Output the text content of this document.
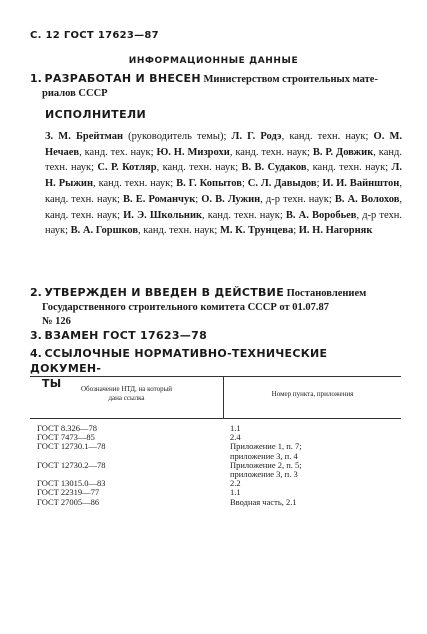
С. 12 ГОСТ 17623—87
ИНФОРМАЦИОННЫЕ ДАННЫЕ
1. РАЗРАБОТАН И ВНЕСЕН Министерством строительных мате-
риалов СССР
ИСПОЛНИТЕЛИ
З. М. Брейтман (руководитель темы); Л. Г. Родэ, канд. техн. наук; О. М. Нечаев, канд. тех. наук; Ю. Н. Мизрохи, канд. техн. наук; В. Р. Довжик, канд. техн. наук; С. Р. Котляр, канд. техн. наук; В. В. Судаков, канд. техн. наук; Л. Н. Рыжин, канд. техн. наук; В. Г. Копытов; С. Л. Давыдов; И. И. Вайнштон, канд. техн. наук; В. Е. Романчук; О. В. Лужин, д-р техн. наук; В. А. Волохов, канд. техн. наук; И. Э. Школьник, канд. техн. наук; В. А. Воробьев, д-р техн. наук; В. А. Горшков, канд. техн. наук; М. К. Трунцева; И. Н. Нагорняк
2. УТВЕРЖДЕН И ВВЕДЕН В ДЕЙСТВИЕ Постановлением
Государственного строительного комитета СССР от 01.07.87
№ 126
3. ВЗАМЕН ГОСТ 17623—78
4. ССЫЛОЧНЫЕ НОРМАТИВНО-ТЕХНИЧЕСКИЕ ДОКУМЕН-
ТЫ	Обозначение НТД, на который
дана ссылка	Номер пункта, приложения
ГОСТ 8.326—78	1.1
ГОСТ 7473—85	2.4
ГОСТ 12730.1—78	Приложение 1, п. 7;
приложение 3, п. 4
ГОСТ 12730.2—78	Приложение 2, п. 5;
приложение 3, п. 3
ГОСТ 13015.0—83	2.2
ГОСТ 22319—77	1.1
ГОСТ 27005—86	Вводная часть, 2.1
